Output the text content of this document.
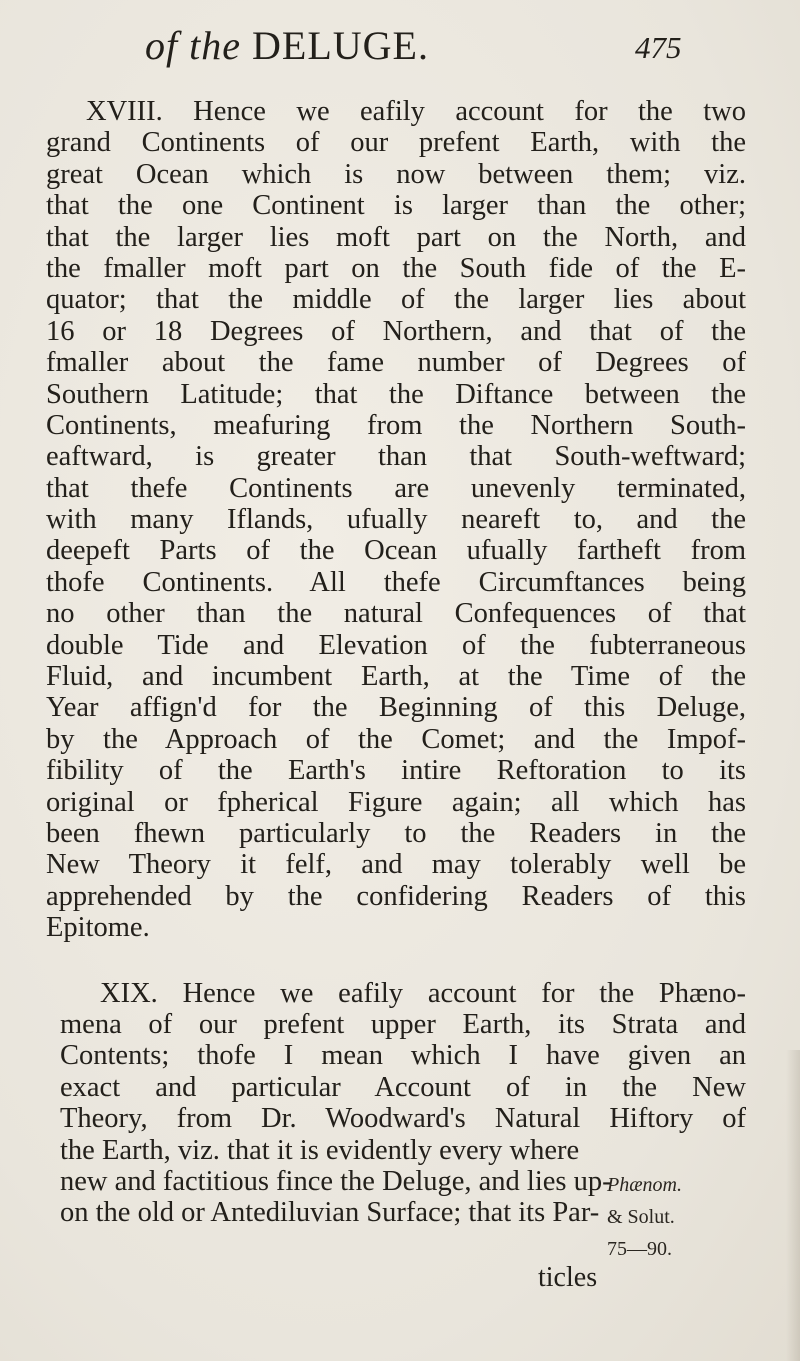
of the DELUGE.	475
XVIII. Hence we eafily account for the two
grand Continents of our prefent Earth, with the
great Ocean which is now between them; viz.
that the one Continent is larger than the other;
that the larger lies moft part on the North, and
the fmaller moft part on the South fide of the E-
quator; that the middle of the larger lies about
16 or 18 Degrees of Northern, and that of the
fmaller about the fame number of Degrees of
Southern Latitude; that the Diftance between the
Continents, meafuring from the Northern South-
eaftward, is greater than that South-weftward;
that thefe Continents are unevenly terminated,
with many Iflands, ufually neareft to, and the
deepeft Parts of the Ocean ufually fartheft from
thofe Continents. All thefe Circumftances being
no other than the natural Confequences of that
double Tide and Elevation of the fubterraneous
Fluid, and incumbent Earth, at the Time of the
Year affign'd for the Beginning of this Deluge,
by the Approach of the Comet; and the Impof-
fibility of the Earth's intire Reftoration to its
original or fpherical Figure again; all which has
been fhewn particularly to the Readers in the
New Theory it felf, and may tolerably well be
apprehended by the confidering Readers of this
Epitome.
XIX. Hence we eafily account for the Phæno-
mena of our prefent upper Earth, its Strata and
Contents; thofe I mean which I have given an
exact and particular Account of in the New
Theory, from Dr. Woodward's Natural Hiftory of
the Earth, viz. that it is evidently every where
new and factitious fince the Deluge, and lies up-
on the old or Antediluvian Surface; that its Par-
Phænom.
& Solut.
75—90.
ticles
